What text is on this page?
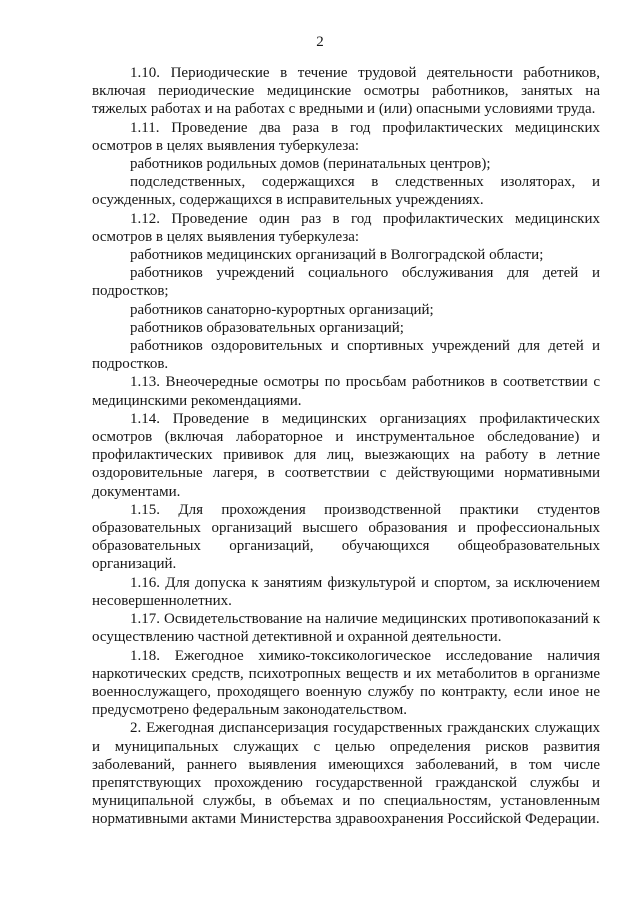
2

1.10. Периодические в течение трудовой деятельности работников, включая периодические медицинские осмотры работников, занятых на тяжелых работах и на работах с вредными и (или) опасными условиями труда.

1.11. Проведение два раза в год профилактических медицинских осмотров в целях выявления туберкулеза:

работников родильных домов (перинатальных центров);

подследственных, содержащихся в следственных изоляторах, и осужденных, содержащихся в исправительных учреждениях.

1.12. Проведение один раз в год профилактических медицинских осмотров в целях выявления туберкулеза:

работников медицинских организаций в Волгоградской области;

работников учреждений социального обслуживания для детей и подростков;

работников санаторно-курортных организаций;

работников образовательных организаций;

работников оздоровительных и спортивных учреждений для детей и подростков.

1.13. Внеочередные осмотры по просьбам работников в соответствии с медицинскими рекомендациями.

1.14. Проведение в медицинских организациях профилактических осмотров (включая лабораторное и инструментальное обследование) и профилактических прививок для лиц, выезжающих на работу в летние оздоровительные лагеря, в соответствии с действующими нормативными документами.

1.15. Для прохождения производственной практики студентов образовательных организаций высшего образования и профессиональных образовательных организаций, обучающихся общеобразовательных организаций.

1.16. Для допуска к занятиям физкультурой и спортом, за исключением несовершеннолетних.

1.17. Освидетельствование на наличие медицинских противопоказаний к осуществлению частной детективной и охранной деятельности.

1.18. Ежегодное химико-токсикологическое исследование наличия наркотических средств, психотропных веществ и их метаболитов в организме военнослужащего, проходящего военную службу по контракту, если иное не предусмотрено федеральным законодательством.

2. Ежегодная диспансеризация государственных гражданских служащих и муниципальных служащих с целью определения рисков развития заболеваний, раннего выявления имеющихся заболеваний, в том числе препятствующих прохождению государственной гражданской службы и муниципальной службы, в объемах и по специальностям, установленным нормативными актами Министерства здравоохранения Российской Федерации.
